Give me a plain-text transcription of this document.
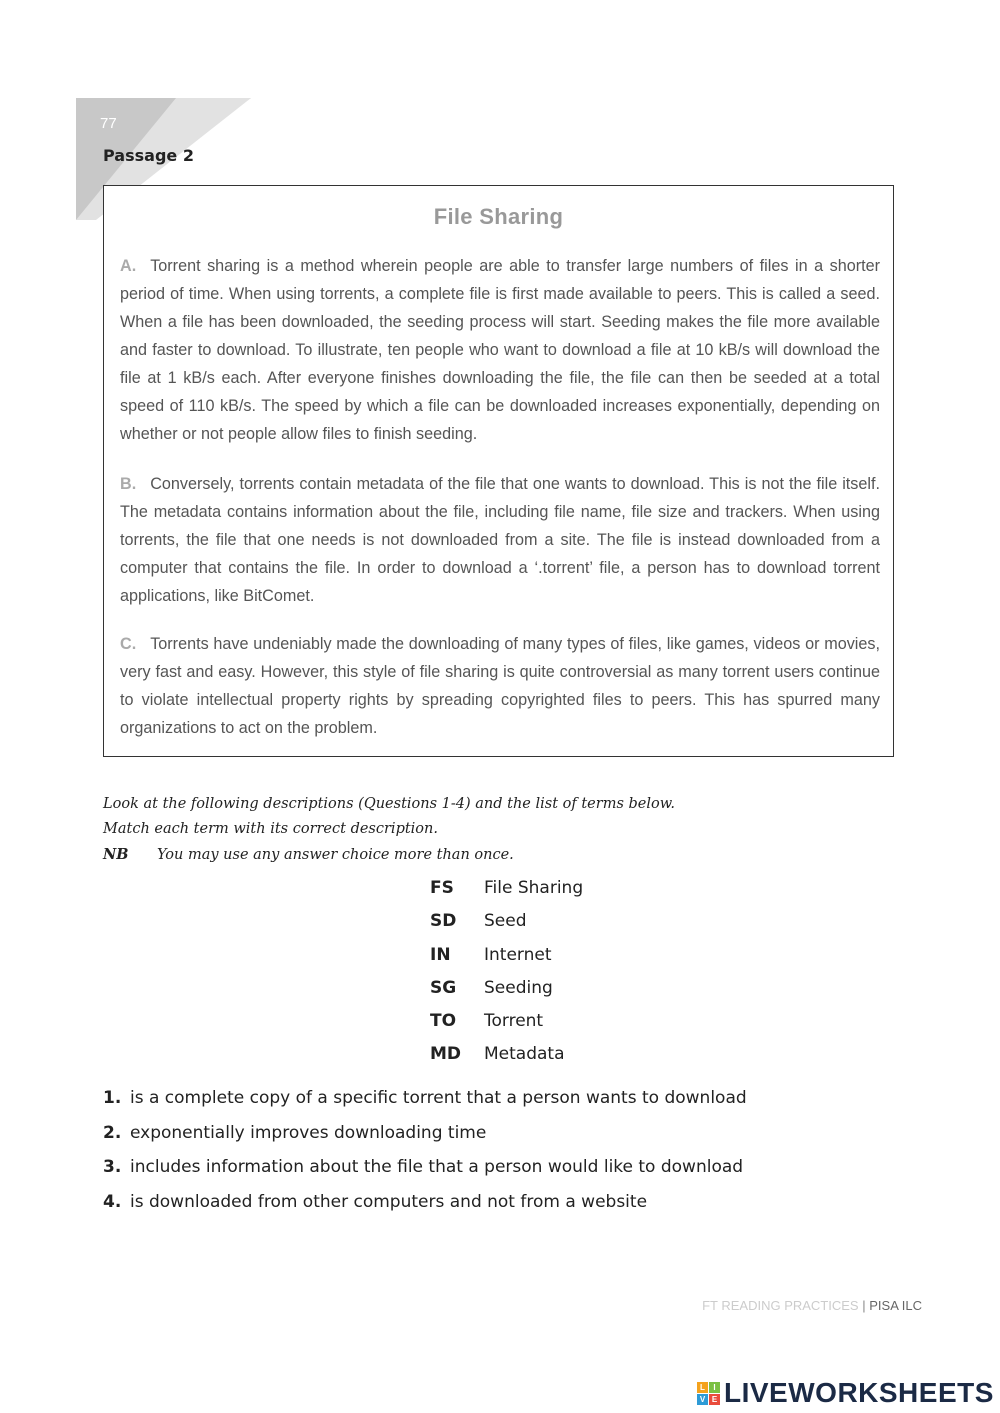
77
Passage 2
File Sharing
A. Torrent sharing is a method wherein people are able to transfer large numbers of files in a shorter period of time. When using torrents, a complete file is first made available to peers. This is called a seed. When a file has been downloaded, the seeding process will start. Seeding makes the file more available and faster to download. To illustrate, ten people who want to download a file at 10 kB/s will download the file at 1 kB/s each. After everyone finishes downloading the file, the file can then be seeded at a total speed of 110 kB/s. The speed by which a file can be downloaded increases exponentially, depending on whether or not people allow files to finish seeding.
B. Conversely, torrents contain metadata of the file that one wants to download. This is not the file itself. The metadata contains information about the file, including file name, file size and trackers. When using torrents, the file that one needs is not downloaded from a site. The file is instead downloaded from a computer that contains the file. In order to download a ‘.torrent’ file, a person has to download torrent applications, like BitComet.
C. Torrents have undeniably made the downloading of many types of files, like games, videos or movies, very fast and easy. However, this style of file sharing is quite controversial as many torrent users continue to violate intellectual property rights by spreading copyrighted files to peers. This has spurred many organizations to act on the problem.
Look at the following descriptions (Questions 1-4) and the list of terms below.
Match each term with its correct description.
NB You may use any answer choice more than once.
FS	File Sharing
SD	Seed
IN	Internet
SG	Seeding
TO	Torrent
MD	Metadata
1. is a complete copy of a specific torrent that a person wants to download
2. exponentially improves downloading time
3. includes information about the file that a person would like to download
4. is downloaded from other computers and not from a website
FT READING PRACTICES | PISA ILC
L	I
V E LIVEWORKSHEETS
